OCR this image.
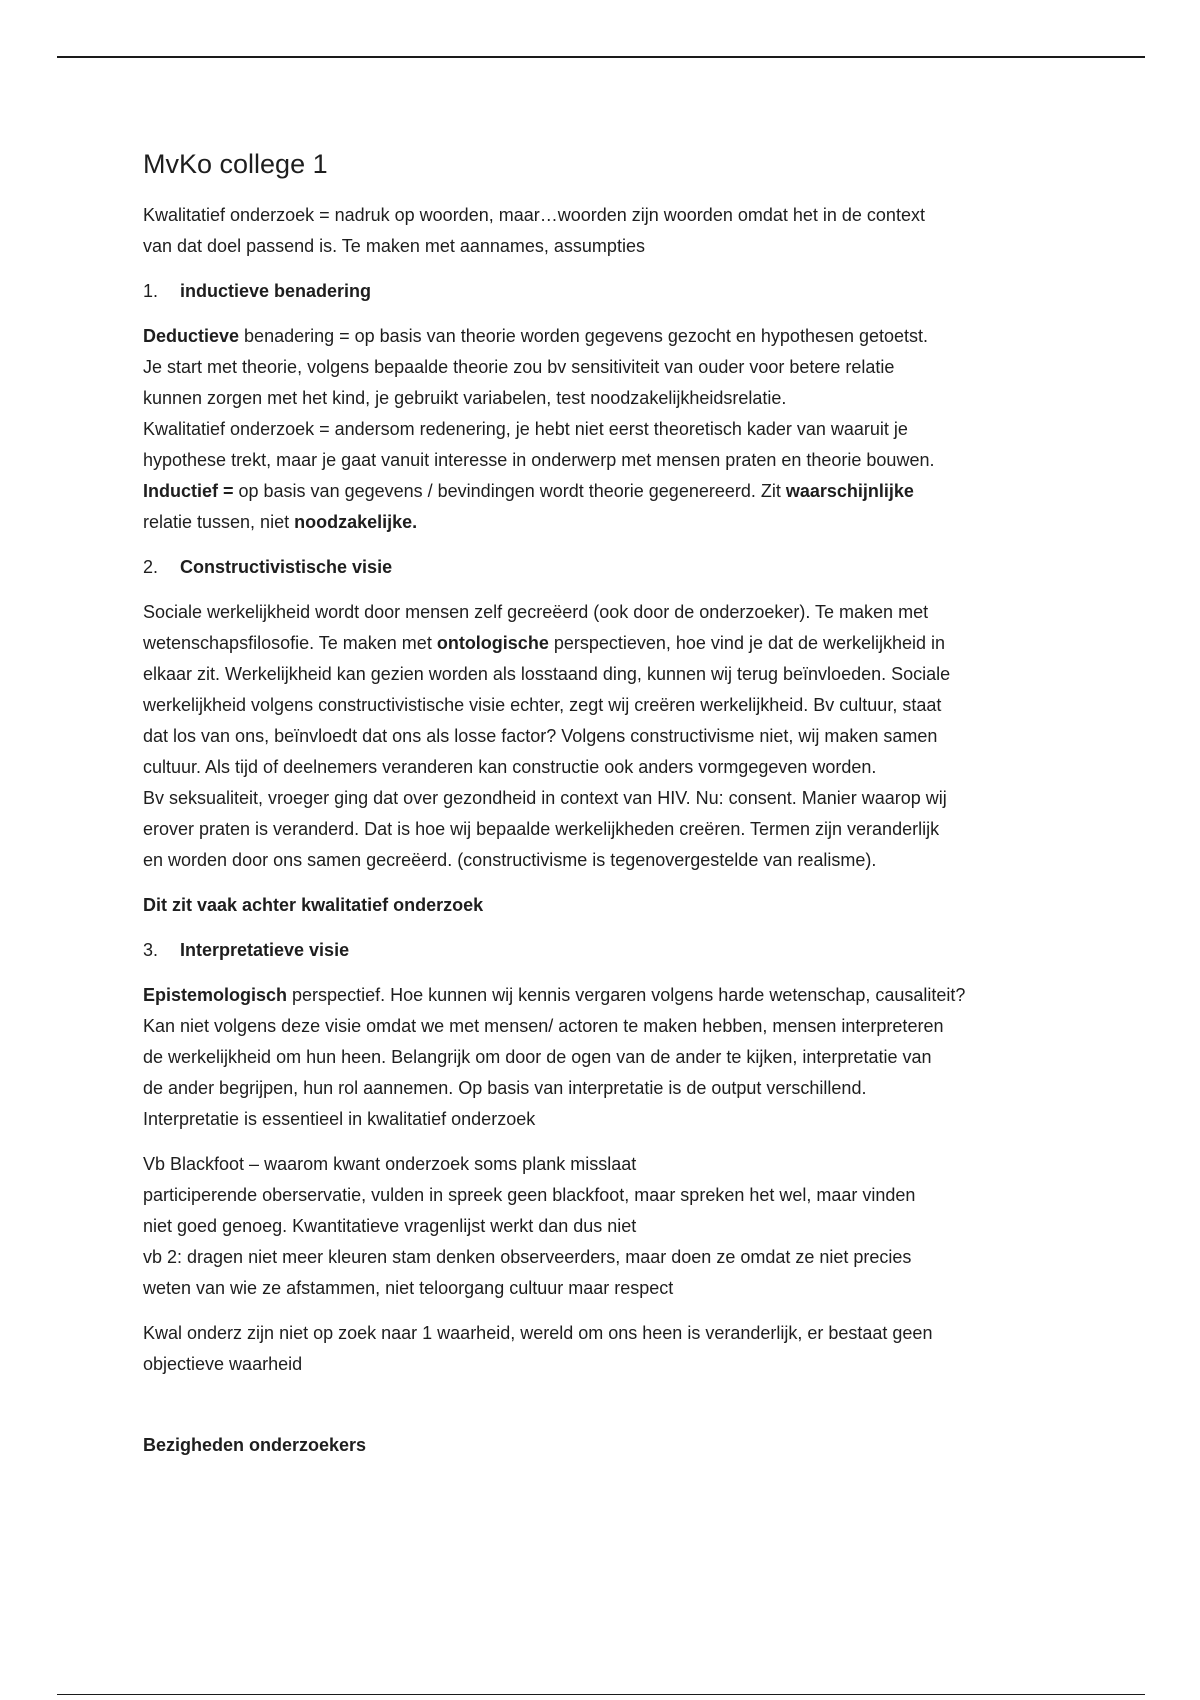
MvKo college 1

Kwalitatief onderzoek = nadruk op woorden, maar…woorden zijn woorden omdat het in de context
van dat doel passend is. Te maken met aannames, assumpties

1.	inductieve benadering

Deductieve benadering = op basis van theorie worden gegevens gezocht en hypothesen getoetst.
Je start met theorie, volgens bepaalde theorie zou bv sensitiviteit van ouder voor betere relatie
kunnen zorgen met het kind, je gebruikt variabelen, test noodzakelijkheidsrelatie.
Kwalitatief onderzoek = andersom redenering, je hebt niet eerst theoretisch kader van waaruit je
hypothese trekt, maar je gaat vanuit interesse in onderwerp met mensen praten en theorie bouwen.
Inductief = op basis van gegevens / bevindingen wordt theorie gegenereerd. Zit waarschijnlijke
relatie tussen, niet noodzakelijke.

2.	Constructivistische visie

Sociale werkelijkheid wordt door mensen zelf gecreëerd (ook door de onderzoeker). Te maken met
wetenschapsfilosofie. Te maken met ontologische perspectieven, hoe vind je dat de werkelijkheid in
elkaar zit. Werkelijkheid kan gezien worden als losstaand ding, kunnen wij terug beïnvloeden. Sociale
werkelijkheid volgens constructivistische visie echter, zegt wij creëren werkelijkheid. Bv cultuur, staat
dat los van ons, beïnvloedt dat ons als losse factor? Volgens constructivisme niet, wij maken samen
cultuur. Als tijd of deelnemers veranderen kan constructie ook anders vormgegeven worden.
Bv seksualiteit, vroeger ging dat over gezondheid in context van HIV. Nu: consent. Manier waarop wij
erover praten is veranderd. Dat is hoe wij bepaalde werkelijkheden creëren. Termen zijn veranderlijk
en worden door ons samen gecreëerd. (constructivisme is tegenovergestelde van realisme).

Dit zit vaak achter kwalitatief onderzoek

3.	Interpretatieve visie

Epistemologisch perspectief. Hoe kunnen wij kennis vergaren volgens harde wetenschap, causaliteit?
Kan niet volgens deze visie omdat we met mensen/ actoren te maken hebben, mensen interpreteren
de werkelijkheid om hun heen. Belangrijk om door de ogen van de ander te kijken, interpretatie van
de ander begrijpen, hun rol aannemen. Op basis van interpretatie is de output verschillend.
Interpretatie is essentieel in kwalitatief onderzoek

Vb Blackfoot – waarom kwant onderzoek soms plank misslaat
participerende oberservatie, vulden in spreek geen blackfoot, maar spreken het wel, maar vinden
niet goed genoeg. Kwantitatieve vragenlijst werkt dan dus niet
vb 2: dragen niet meer kleuren stam denken observeerders, maar doen ze omdat ze niet precies
weten van wie ze afstammen, niet teloorgang cultuur maar respect

Kwal onderz zijn niet op zoek naar 1 waarheid, wereld om ons heen is veranderlijk, er bestaat geen
objectieve waarheid

Bezigheden onderzoekers
